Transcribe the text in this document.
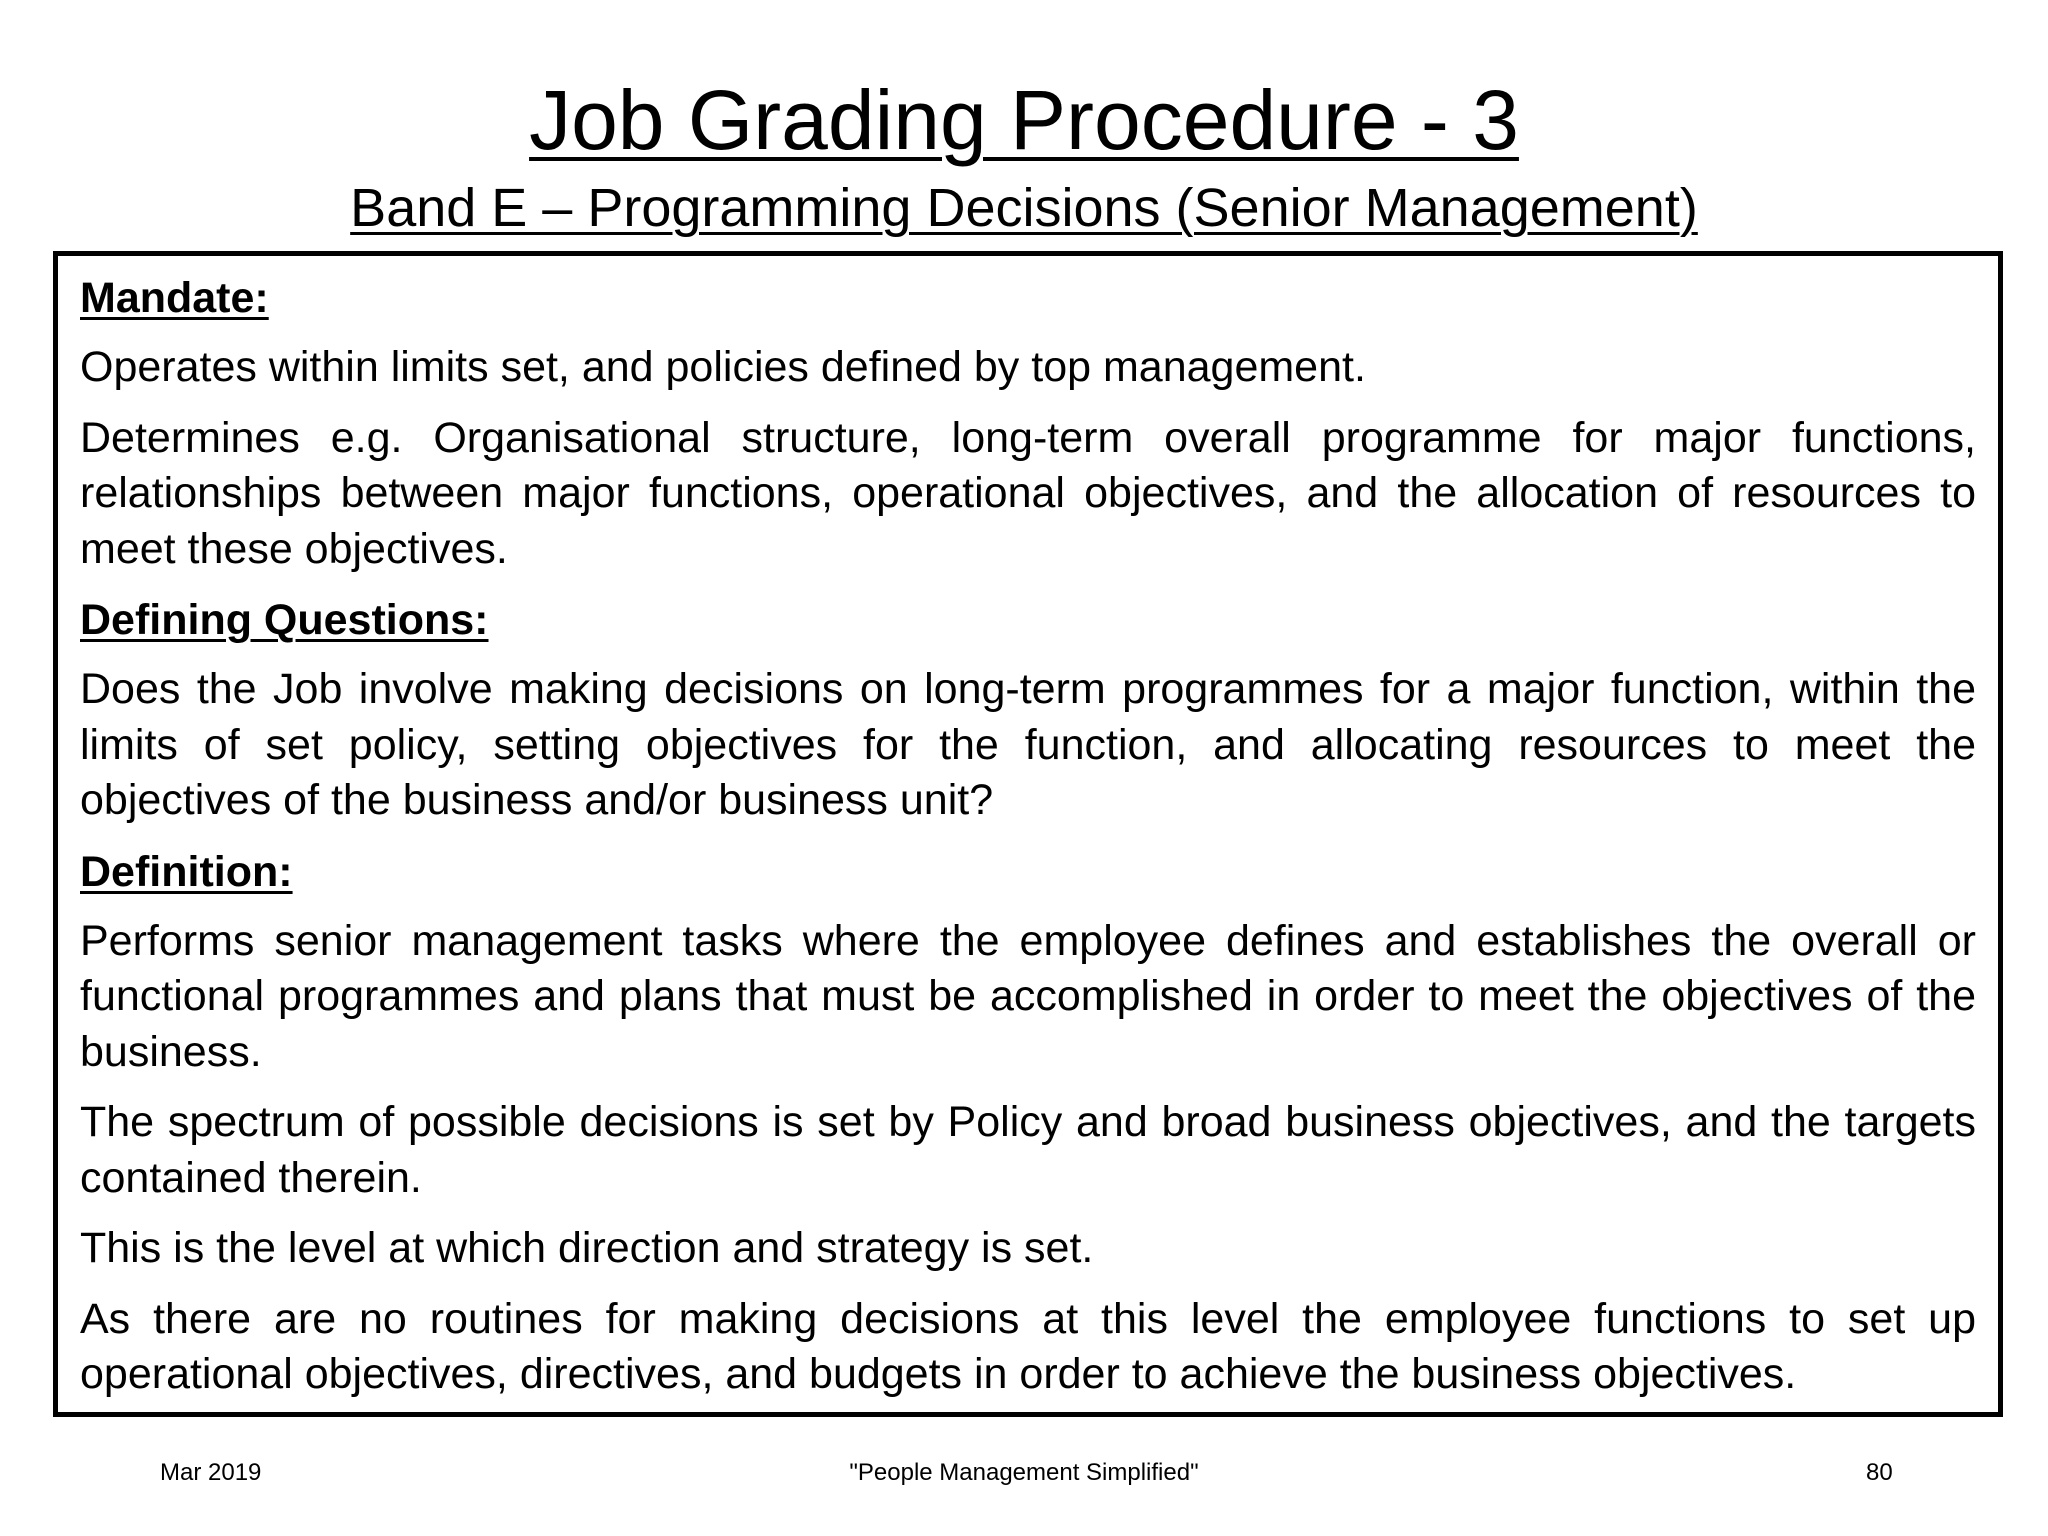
Job Grading Procedure - 3
Band E – Programming Decisions (Senior Management)
Mandate:
Operates within limits set, and policies defined by top management.
Determines e.g. Organisational structure, long-term overall programme for major functions, relationships between major functions, operational objectives, and the allocation of resources to meet these objectives.
Defining Questions:
Does the Job involve making decisions on long-term programmes for a major function, within the limits of set policy, setting objectives for the function, and allocating resources to meet the objectives of the business and/or business unit?
Definition:
Performs senior management tasks where the employee defines and establishes the overall or functional programmes and plans that must be accomplished in order to meet the objectives of the business.
The spectrum of possible decisions is set by Policy and broad business objectives, and the targets contained therein.
This is the level at which direction and strategy is set.
As there are no routines for making decisions at this level the employee functions to set up operational objectives, directives, and budgets in order to achieve the business objectives.
Mar 2019	"People Management Simplified"	80
